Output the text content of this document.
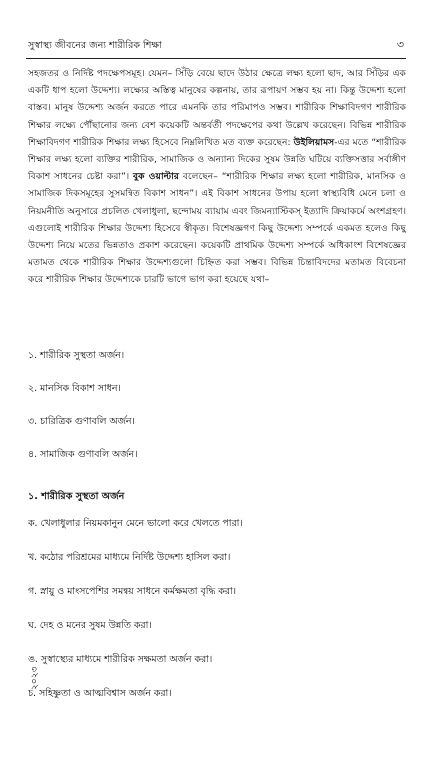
সুস্বাস্থ্য জীবনের জন্য শারীরিক শিক্ষা	৩

সহজতর ও নির্দিষ্ট পদক্ষেপসমূহ। যেমন– সিঁড়ি বেয়ে ছাদে উঠার ক্ষেত্রে লক্ষ্য হলো ছাদ, আর সিঁড়ির এক একটি ধাপ হলো উদ্দেশ্য। লক্ষ্যের অস্তিত্ব মানুষের কল্পনায়, তার রূপায়ণ সম্ভব হয় না। কিন্তু উদ্দেশ্য হলো বাস্তব। মানুষ উদ্দেশ্য অর্জন করতে পারে এমনকি তার পরিমাপও সম্ভব। শারীরিক শিক্ষাবিদগণ শারীরিক শিক্ষার লক্ষ্যে পৌঁছানোর জন্য বেশ কয়েকটি অন্তর্বর্তী পদক্ষেপের কথা উল্লেখ করেছেন। বিভিন্ন শারীরিক শিক্ষাবিদগণ শারীরিক শিক্ষার লক্ষ্য হিসেবে নিম্নলিখিত মত ব্যক্ত করেছেন: উইলিয়ামস-এর মতে “শারীরিক শিক্ষার লক্ষ্য হলো ব্যক্তির শারীরিক, সামাজিক ও অন্যান্য দিকের সুষম উন্নতি ঘটিয়ে ব্যক্তিসত্তার সর্বাঙ্গীণ বিকাশ সাধনের চেষ্টা করা”। বুক ওয়াল্টার বলেছেন– “শারীরিক শিক্ষার লক্ষ্য হলো শারীরিক, মানসিক ও সামাজিক দিকসমূহের সুসমন্বিত বিকাশ সাধন”। এই বিকাশ সাধনের উপায় হলো স্বাস্থ্যবিধি মেনে চলা ও নিয়মনীতি অনুসারে প্রচলিত খেলাধুলা, ছন্দোময় ব্যায়াম এবং জিমন্যাস্টিকস্ ইত্যাদি ক্রিয়াকর্মে অংশগ্রহণ। এগুলোই শারীরিক শিক্ষার উদ্দেশ্য হিসেবে স্বীকৃত। বিশেষজ্ঞগণ কিছু উদ্দেশ্য সম্পর্কে একমত হলেও কিছু উদ্দেশ্য নিয়ে মতের ভিন্নতাও প্রকাশ করেছেন। কয়েকটি প্রাথমিক উদ্দেশ্য সম্পর্কে অধিকাংশ বিশেষজ্ঞের মতামত থেকে শারীরিক শিক্ষার উদ্দেশ্যগুলো চিহ্নিত করা সম্ভব। বিভিন্ন চিন্তাবিদদের মতামত বিবেচনা করে শারীরিক শিক্ষার উদ্দেশ্যকে চারটি ভাগে ভাগ করা হয়েছে যথা–

১. শারীরিক সুস্থতা অর্জন।
২. মানসিক বিকাশ সাধন।
৩. চারিত্রিক গুণাবলি অর্জন।
৪. সামাজিক গুণাবলি অর্জন।
১. শারীরিক সুস্থতা অর্জন
ক. খেলাধুলার নিয়মকানুন মেনে ভালো করে খেলতে পারা।
খ. কঠোর পরিশ্রমের মাধ্যমে নির্দিষ্ট উদ্দেশ্য হাসিল করা।
গ. স্নায়ু ও মাংসপেশির সমন্বয় সাধনে কর্মক্ষমতা বৃদ্ধি করা।
ঘ. দেহ ও মনের সুষম উন্নতি করা।
ঙ. সুস্বাস্থ্যের মাধ্যমে শারীরিক সক্ষমতা অর্জন করা।
চ. সহিষ্ণুতা ও আত্মবিশ্বাস অর্জন করা।
২০২৩
